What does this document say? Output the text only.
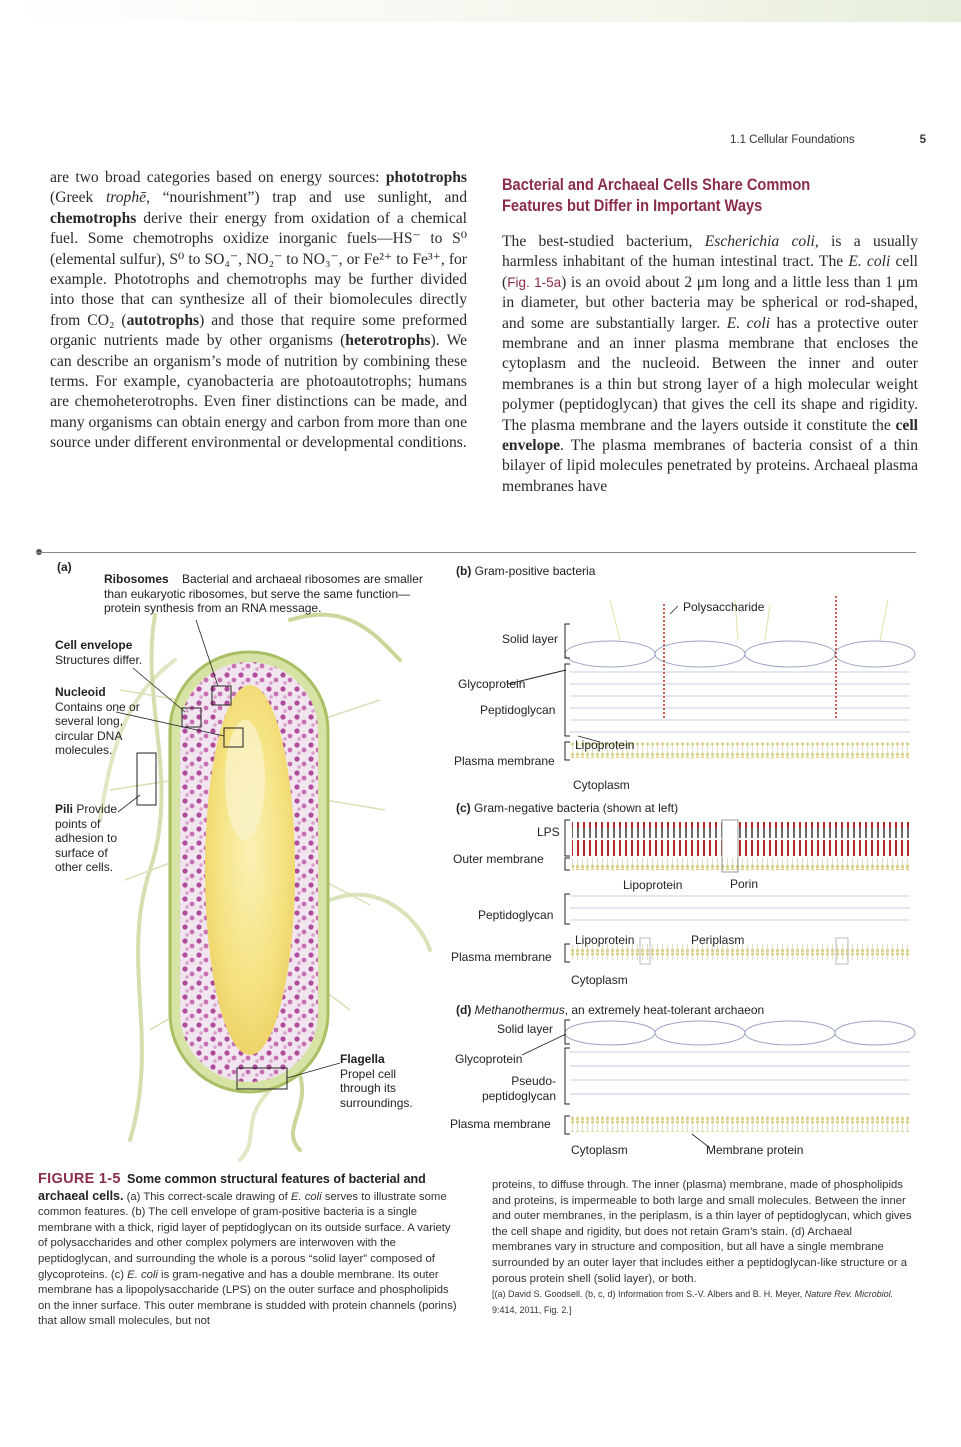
1.1 Cellular Foundations	5
are two broad categories based on energy sources: phototrophs (Greek trophē, “nourishment”) trap and use sunlight, and chemotrophs derive their energy from oxidation of a chemical fuel. Some chemotrophs oxidize inorganic fuels—HS⁻ to S⁰ (elemental sulfur), S⁰ to SO₄⁻, NO₂⁻ to NO₃⁻, or Fe²⁺ to Fe³⁺, for example. Phototrophs and chemotrophs may be further divided into those that can synthesize all of their biomolecules directly from CO₂ (autotrophs) and those that require some preformed organic nutrients made by other organisms (heterotrophs). We can describe an organism’s mode of nutrition by combining these terms. For example, cyanobacteria are photoautotrophs; humans are chemoheterotrophs. Even finer distinctions can be made, and many organisms can obtain energy and carbon from more than one source under different environmental or developmental conditions.
Bacterial and Archaeal Cells Share Common Features but Differ in Important Ways
The best-studied bacterium, Escherichia coli, is a usually harmless inhabitant of the human intestinal tract. The E. coli cell (Fig. 1-5a) is an ovoid about 2 μm long and a little less than 1 μm in diameter, but other bacteria may be spherical or rod-shaped, and some are substantially larger. E. coli has a protective outer membrane and an inner plasma membrane that encloses the cytoplasm and the nucleoid. Between the inner and outer membranes is a thin but strong layer of a high molecular weight polymer (peptidoglycan) that gives the cell its shape and rigidity. The plasma membrane and the layers outside it constitute the cell envelope. The plasma membranes of bacteria consist of a thin bilayer of lipid molecules penetrated by proteins. Archaeal plasma membranes have
(a)
Ribosomes Bacterial and archaeal ribosomes are smaller than eukaryotic ribosomes, but serve the same function—protein synthesis from an RNA message.
Cell envelope
Structures differ.
Nucleoid
Contains one or several long, circular DNA molecules.
Pili Provide points of adhesion to surface of other cells.
Flagella
Propel cell through its surroundings.
(b) Gram-positive bacteria
Polysaccharide
Solid layer
Glycoprotein
Peptidoglycan
Lipoprotein
Plasma membrane
Cytoplasm
(c) Gram-negative bacteria (shown at left)
LPS
Outer membrane
Lipoprotein	Porin
Peptidoglycan
Lipoprotein	Periplasm
Plasma membrane
Cytoplasm
(d) Methanothermus, an extremely heat-tolerant archaeon
Solid layer
Glycoprotein
Pseudo-
peptidoglycan
Plasma membrane
Cytoplasm	Membrane protein
FIGURE 1-5 Some common structural features of bacterial and archaeal cells. (a) This correct-scale drawing of E. coli serves to illustrate some common features. (b) The cell envelope of gram-positive bacteria is a single membrane with a thick, rigid layer of peptidoglycan on its outside surface. A variety of polysaccharides and other complex polymers are interwoven with the peptidoglycan, and surrounding the whole is a porous “solid layer” composed of glycoproteins. (c) E. coli is gram-negative and has a double membrane. Its outer membrane has a lipopolysaccharide (LPS) on the outer surface and phospholipids on the inner surface. This outer membrane is studded with protein channels (porins) that allow small molecules, but not
proteins, to diffuse through. The inner (plasma) membrane, made of phospholipids and proteins, is impermeable to both large and small molecules. Between the inner and outer membranes, in the periplasm, is a thin layer of peptidoglycan, which gives the cell shape and rigidity, but does not retain Gram’s stain. (d) Archaeal membranes vary in structure and composition, but all have a single membrane surrounded by an outer layer that includes either a peptidoglycan-like structure or a porous protein shell (solid layer), or both.
[(a) David S. Goodsell. (b, c, d) Information from S.-V. Albers and B. H. Meyer, Nature Rev. Microbiol. 9:414, 2011, Fig. 2.]
